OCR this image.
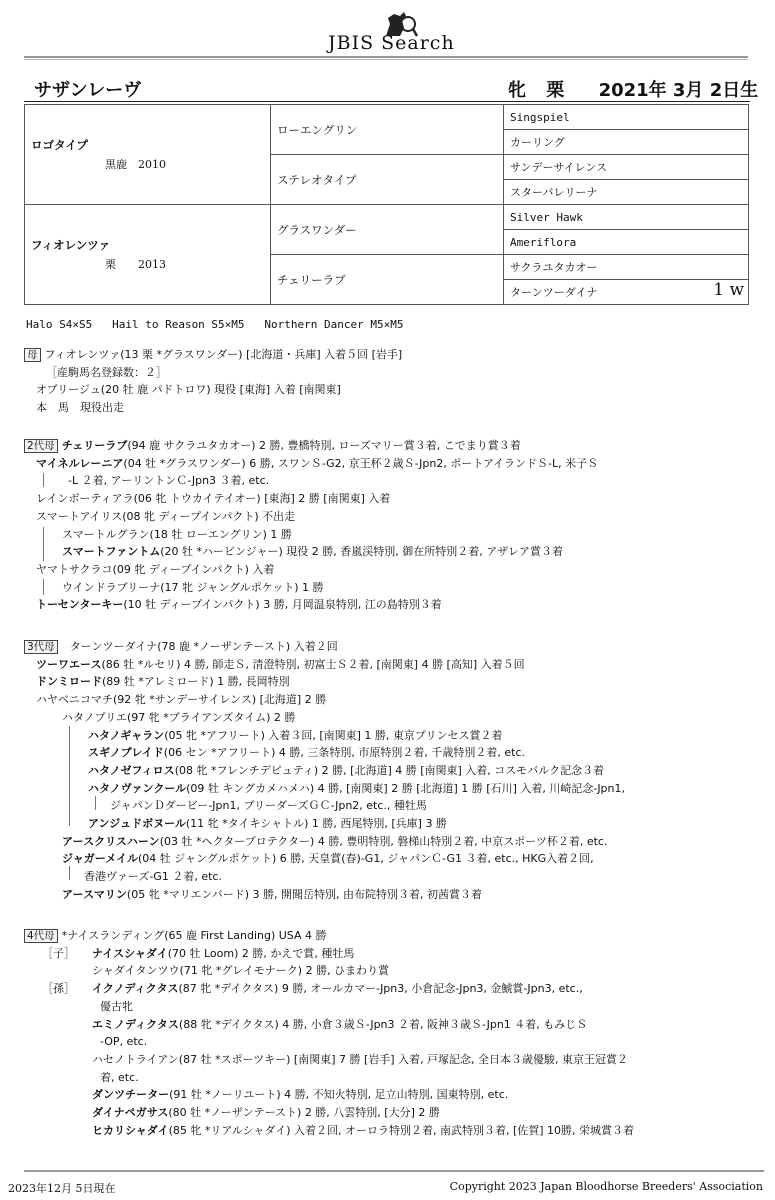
JBIS Search
サザンレーヴ	牝 栗 2021年 3月 2日生
ロゴタイプ
黒鹿　2010	ローエングリン	Singspiel
		カーリング
	ステレオタイプ	サンデーサイレンス
		スターバレリーナ

フィオレンツァ
栗　　2013	グラスワンダー	Silver Hawk
		Ameriflora
	チェリーラブ	サクラユタカオー
		ターンツーダイナ 1 w
Halo S4×S5   Hail to Reason S5×M5   Northern Dancer M5×M5
母 フィオレンツァ(13 栗 *グラスワンダー) [北海道・兵庫] 入着５回 [岩手]
［産駒馬名登録数：２］
オブリージュ(20 牡 鹿 パドトロワ) 現役 [東海] 入着 [南関東]
本　馬　現役出走
2代母 チェリーラブ(94 鹿 サクラユタカオー) 2 勝, 豊橋特別, ローズマリー賞３着, こでまり賞３着
マイネルレーニア(04 牡 *グラスワンダー) 6 勝, スワンＳ-G2, 京王杯２歳Ｓ-Jpn2, ポートアイランドＳ-L, 米子Ｓ
-L ２着, アーリントンＣ-Jpn3 ３着, etc.
レインボーティアラ(06 牝 トウカイテイオー) [東海] 2 勝 [南関東] 入着
スマートアイリス(08 牝 ディープインパクト) 不出走
スマートルグラン(18 牡 ローエングリン) 1 勝
スマートファントム(20 牡 *ハービンジャー) 現役 2 勝, 香嵐渓特別, 御在所特別２着, アザレア賞３着
ヤマトサクラコ(09 牝 ディープインパクト) 入着
ウインドラブリーナ(17 牝 ジャングルポケット) 1 勝
トーセンターキー(10 牡 ディープインパクト) 3 勝, 月岡温泉特別, 江の島特別３着
3代母 ターンツーダイナ(78 鹿 *ノーザンテースト) 入着２回
ツーワエース(86 牡 *ルセリ) 4 勝, 師走Ｓ, 清澄特別, 初富士Ｓ２着, [南関東] 4 勝 [高知] 入着５回
ドンミロード(89 牡 *アレミロード) 1 勝, 長岡特別
ハヤベニコマチ(92 牝 *サンデーサイレンス) [北海道] 2 勝
ハタノプリエ(97 牝 *ブライアンズタイム) 2 勝
ハタノギャラン(05 牝 *アフリート) 入着３回, [南関東] 1 勝, 東京プリンセス賞２着
スギノブレイド(06 セン *アフリート) 4 勝, 三条特別, 市原特別２着, 千歳特別２着, etc.
ハタノゼフィロス(08 牝 *フレンチデピュティ) 2 勝, [北海道] 4 勝 [南関東] 入着, コスモバルク記念３着
ハタノヴァンクール(09 牡 キングカメハメハ) 4 勝, [南関東] 2 勝 [北海道] 1 勝 [石川] 入着, 川崎記念-Jpn1,
ジャパンＤダービー-Jpn1, ブリーダーズＧＣ-Jpn2, etc., 種牡馬
アンジュドボヌール(11 牝 *タイキシャトル) 1 勝, 西尾特別, [兵庫] 3 勝
アースクリスハーン(03 牡 *ヘクタープロテクター) 4 勝, 豊明特別, 磐梯山特別２着, 中京スポーツ杯２着, etc.
ジャガーメイル(04 牡 ジャングルポケット) 6 勝, 天皇賞(春)-G1, ジャパンＣ-G1 ３着, etc., HKG入着２回,
香港ヴァーズ-G1 ２着, etc.
アースマリン(05 牝 *マリエンバード) 3 勝, 開聞岳特別, 由布院特別３着, 初茜賞３着
4代母 *ナイスランディング(65 鹿 First Landing) USA 4 勝
［子］ ナイスシャダイ(70 牡 Loom) 2 勝, かえで賞, 種牡馬
シャダイタンツウ(71 牝 *グレイモナーク) 2 勝, ひまわり賞
［孫］ イクノディクタス(87 牝 *デイクタス) 9 勝, オールカマー-Jpn3, 小倉記念-Jpn3, 金鯱賞-Jpn3, etc.,
優古牝
エミノディクタス(88 牝 *デイクタス) 4 勝, 小倉３歳Ｓ-Jpn3 ２着, 阪神３歳Ｓ-Jpn1 ４着, もみじＳ
-OP, etc.
ハセノトライアン(87 牡 *スポーツキー) [南関東] 7 勝 [岩手] 入着, 戸塚記念, 全日本３歳優駿, 東京王冠賞２
着, etc.
ダンツチーター(91 牡 *ノーリユート) 4 勝, 不知火特別, 足立山特別, 国東特別, etc.
ダイナペガサス(80 牡 *ノーザンテースト) 2 勝, 八雲特別, [大分] 2 勝
ヒカリシャダイ(85 牝 *リアルシャダイ) 入着２回, オーロラ特別２着, 南武特別３着, [佐賀] 10勝, 栄城賞３着
2023年12月 5日現在	Copyright 2023 Japan Bloodhorse Breeders' Association
